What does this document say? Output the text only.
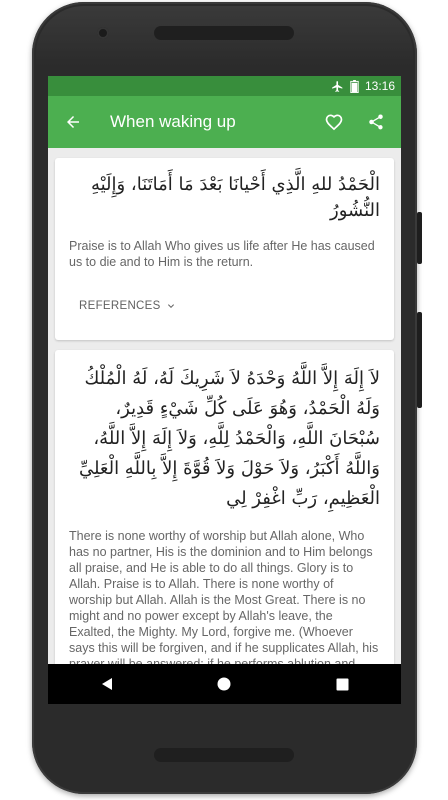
13:16
When waking up
الْحَمْدُ للهِ الَّذِي أَحْيانَا بَعْدَ مَا أَمَاتَنَا، وَإِلَيْهِ النُّشُورُ
Praise is to Allah Who gives us life after He has caused us to die and to Him is the return.
REFERENCES
لاَ إِلَهَ إِلاَّ اللَّهُ وَحْدَهُ لاَ شَرِيكَ لَهُ، لَهُ الْمُلْكُ وَلَهُ الْحَمْدُ، وَهُوَ عَلَى كُلِّ شَيْءٍ قَدِيرٌ، سُبْحَانَ اللَّهِ، وَالْحَمْدُ لِلَّهِ، وَلاَ إِلَهَ إِلاَّ اللَّهُ، وَاللَّهُ أَكْبَرُ، وَلاَ حَوْلَ وَلاَ قُوَّةَ إِلاَّ بِاللَّهِ الْعَلِيِّ الْعَظِيمِ، رَبِّ اغْفِرْ لِي
There is none worthy of worship but Allah alone, Who has no partner, His is the dominion and to Him belongs all praise, and He is able to do all things. Glory is to Allah. Praise is to Allah. There is none worthy of worship but Allah. Allah is the Most Great. There is no might and no power except by Allah's leave, the Exalted, the Mighty. My Lord, forgive me. (Whoever says this will be forgiven, and if he supplicates Allah, his
